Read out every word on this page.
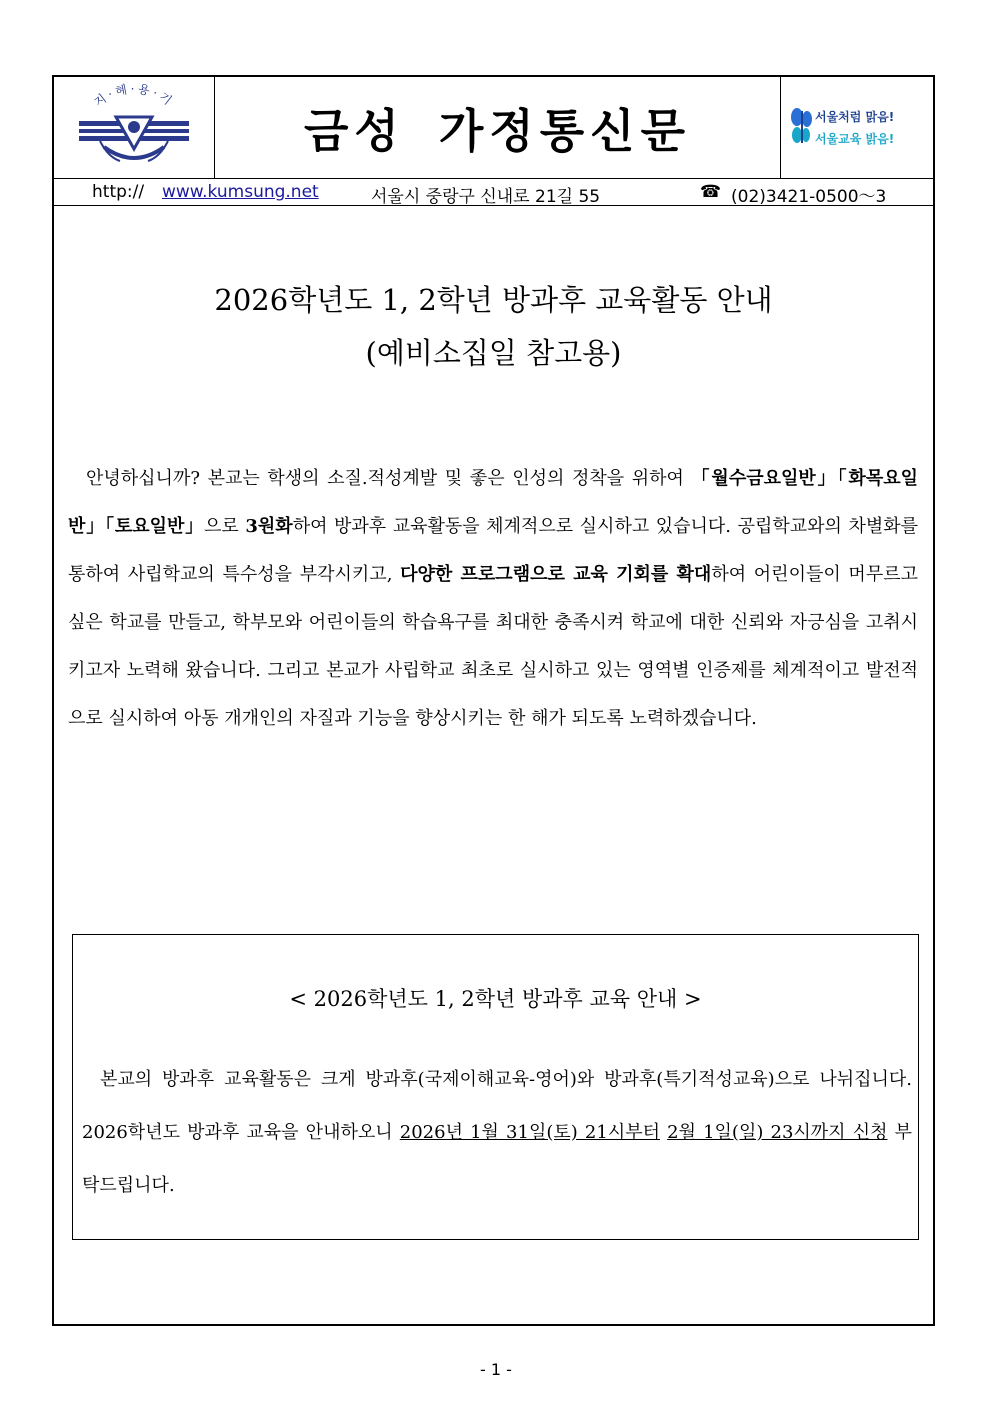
지·혜·용·기
금성 가정통신문	서울처럼 맑음!
서울교육 밝음!
http:// www.kumsung.net	서울시 중랑구 신내로 21길 55	☎ (02)3421-0500～3
2026학년도 1, 2학년 방과후 교육활동 안내
(예비소집일 참고용)
 안녕하십니까? 본교는 학생의 소질.적성계발 및 좋은 인성의 정착을 위하여 「월수금요일반」「화목요일반」「토요일반」으로 3원화하여 방과후 교육활동을 체계적으로 실시하고 있습니다. 공립학교와의 차별화를 통하여 사립학교의 특수성을 부각시키고, 다양한 프로그램으로 교육 기회를 확대하여 어린이들이 머무르고 싶은 학교를 만들고, 학부모와 어린이들의 학습욕구를 최대한 충족시켜 학교에 대한 신뢰와 자긍심을 고취시키고자 노력해 왔습니다. 그리고 본교가 사립학교 최초로 실시하고 있는 영역별 인증제를 체계적이고 발전적으로 실시하여 아동 개개인의 자질과 기능을 향상시키는 한 해가 되도록 노력하겠습니다.
< 2026학년도 1, 2학년 방과후 교육 안내 >
 본교의 방과후 교육활동은 크게 방과후(국제이해교육-영어)와 방과후(특기적성교육)으로 나뉘집니다. 2026학년도 방과후 교육을 안내하오니 2026년 1월 31일(토) 21시부터 2월 1일(일) 23시까지 신청 부탁드립니다.
- 1 -
